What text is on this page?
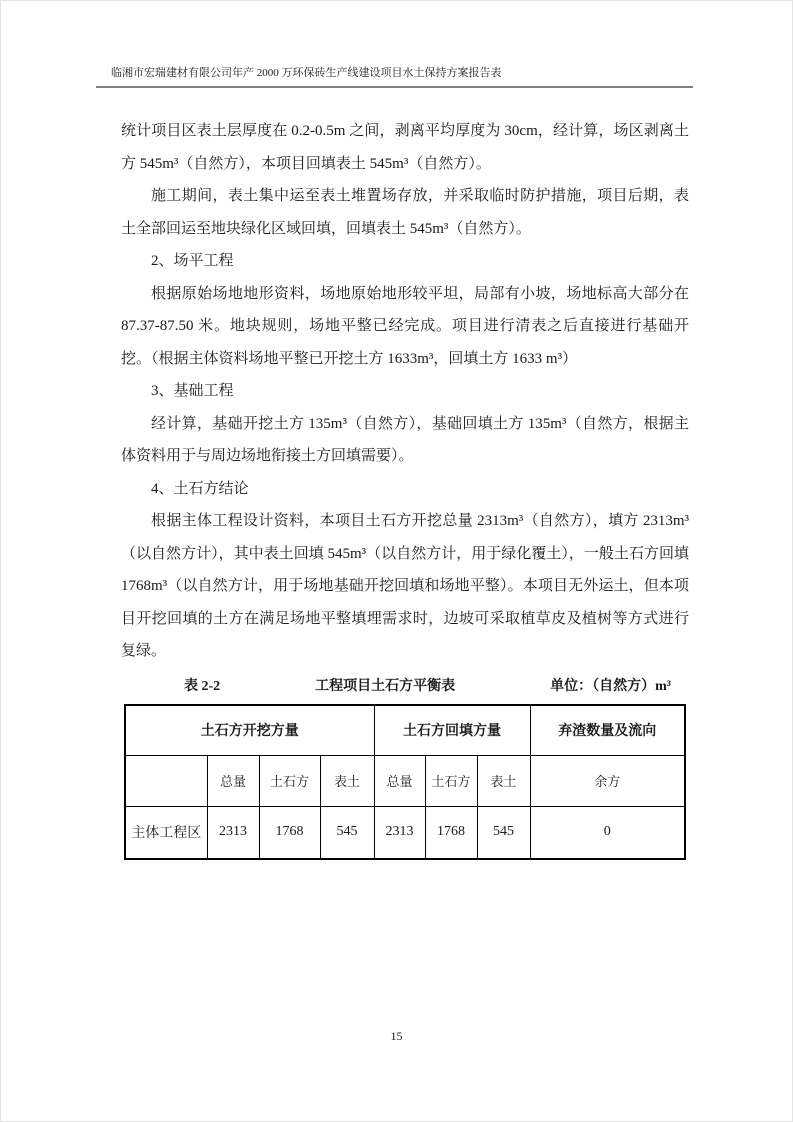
临湘市宏瑞建材有限公司年产 2000 万环保砖生产线建设项目水土保持方案报告表

统计项目区表土层厚度在 0.2-0.5m 之间，剥离平均厚度为 30cm，经计算，场区剥离土方 545m³（自然方），本项目回填表土 545m³（自然方）。

施工期间，表土集中运至表土堆置场存放，并采取临时防护措施，项目后期，表土全部回运至地块绿化区域回填，回填表土 545m³（自然方）。

2、场平工程

根据原始场地地形资料，场地原始地形较平坦，局部有小坡，场地标高大部分在 87.37-87.50 米。地块规则，场地平整已经完成。项目进行清表之后直接进行基础开挖。（根据主体资料场地平整已开挖土方 1633m³，回填土方 1633 m³）

3、基础工程

经计算，基础开挖土方 135m³（自然方），基础回填土方 135m³（自然方，根据主体资料用于与周边场地衔接土方回填需要）。

4、土石方结论

根据主体工程设计资料，本项目土石方开挖总量 2313m³（自然方），填方 2313m³（以自然方计），其中表土回填 545m³（以自然方计，用于绿化覆土），一般土石方回填 1768m³（以自然方计，用于场地基础开挖回填和场地平整）。本项目无外运土，但本项目开挖回填的土方在满足场地平整填埋需求时，边坡可采取植草皮及植树等方式进行复绿。

表 2-2	工程项目土石方平衡表	单位：（自然方）m³
土石方开挖方量				土石方回填方量			弃渣数量及流向
	总量	土石方	表土	总量	土石方	表土	余方
主体工程区	2313	1768	545	2313	1768	545	0
15
